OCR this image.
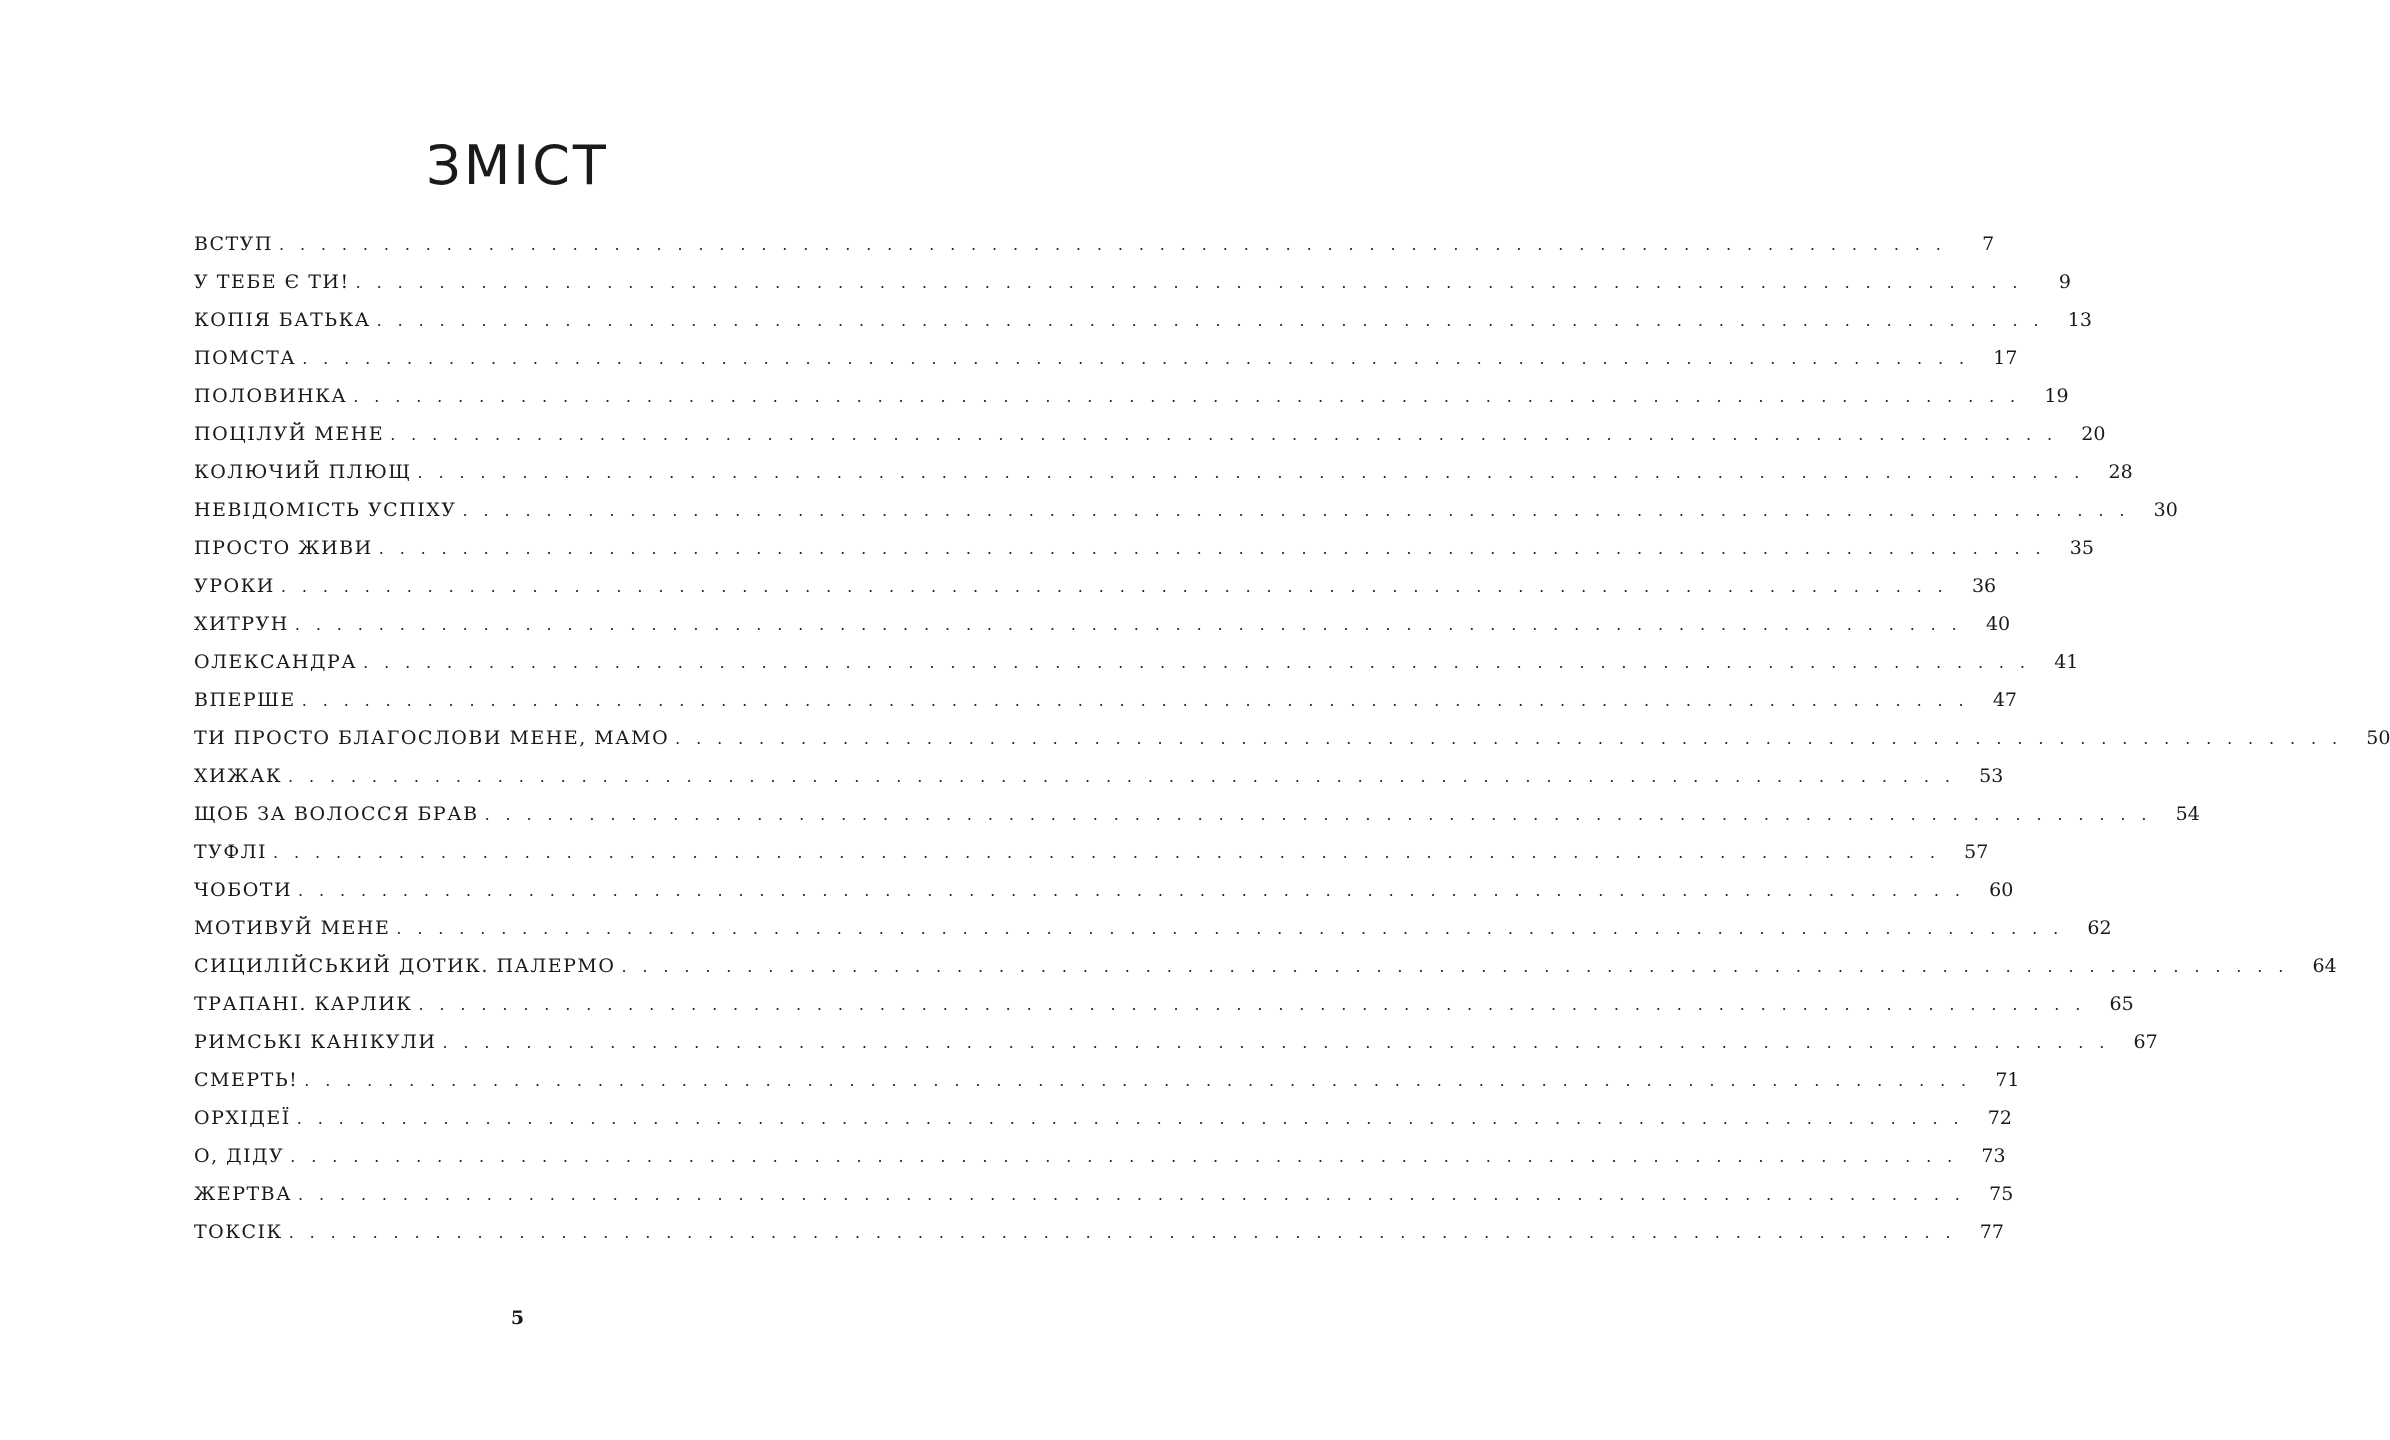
ЗМІСТ
ВСТУП . . . . . . . . . . . . . . . . . . . . . . . . . . . . . . . . . . . . . . . . . . . . . . . . . . . . . . . . . . . . . . . . . . . . . . . . . . . . . . . .	7
У ТЕБЕ Є ТИ! . . . . . . . . . . . . . . . . . . . . . . . . . . . . . . . . . . . . . . . . . . . . . . . . . . . . . . . . . . . . . . . . . . . . . . . . . . . . . . . .	9
КОПІЯ БАТЬКА . . . . . . . . . . . . . . . . . . . . . . . . . . . . . . . . . . . . . . . . . . . . . . . . . . . . . . . . . . . . . . . . . . . . . . . . . . . . . . . .	13
ПОМСТА . . . . . . . . . . . . . . . . . . . . . . . . . . . . . . . . . . . . . . . . . . . . . . . . . . . . . . . . . . . . . . . . . . . . . . . . . . . . . . . .	17
ПОЛОВИНКА . . . . . . . . . . . . . . . . . . . . . . . . . . . . . . . . . . . . . . . . . . . . . . . . . . . . . . . . . . . . . . . . . . . . . . . . . . . . . . . .	19
ПОЦІЛУЙ МЕНЕ . . . . . . . . . . . . . . . . . . . . . . . . . . . . . . . . . . . . . . . . . . . . . . . . . . . . . . . . . . . . . . . . . . . . . . . . . . . . . . . .	20
КОЛЮЧИЙ ПЛЮЩ . . . . . . . . . . . . . . . . . . . . . . . . . . . . . . . . . . . . . . . . . . . . . . . . . . . . . . . . . . . . . . . . . . . . . . . . . . . . . . . .	28
НЕВІДОМІСТЬ УСПІХУ . . . . . . . . . . . . . . . . . . . . . . . . . . . . . . . . . . . . . . . . . . . . . . . . . . . . . . . . . . . . . . . . . . . . . . . . . . . . . . . .	30
ПРОСТО ЖИВИ . . . . . . . . . . . . . . . . . . . . . . . . . . . . . . . . . . . . . . . . . . . . . . . . . . . . . . . . . . . . . . . . . . . . . . . . . . . . . . . .	35
УРОКИ . . . . . . . . . . . . . . . . . . . . . . . . . . . . . . . . . . . . . . . . . . . . . . . . . . . . . . . . . . . . . . . . . . . . . . . . . . . . . . . .	36
ХИТРУН . . . . . . . . . . . . . . . . . . . . . . . . . . . . . . . . . . . . . . . . . . . . . . . . . . . . . . . . . . . . . . . . . . . . . . . . . . . . . . . .	40
ОЛЕКСАНДРА . . . . . . . . . . . . . . . . . . . . . . . . . . . . . . . . . . . . . . . . . . . . . . . . . . . . . . . . . . . . . . . . . . . . . . . . . . . . . . . .	41
ВПЕРШЕ . . . . . . . . . . . . . . . . . . . . . . . . . . . . . . . . . . . . . . . . . . . . . . . . . . . . . . . . . . . . . . . . . . . . . . . . . . . . . . . .	47
ТИ ПРОСТО БЛАГОСЛОВИ МЕНЕ, МАМО . . . . . . . . . . . . . . . . . . . . . . . . . . . . . . . . . . . . . . . . . . . . . . . . . . . . . . . . . . . . . . . . . . . . . . . . . . . . . . . .	50
ХИЖАК . . . . . . . . . . . . . . . . . . . . . . . . . . . . . . . . . . . . . . . . . . . . . . . . . . . . . . . . . . . . . . . . . . . . . . . . . . . . . . . .	53
ЩОБ ЗА ВОЛОССЯ БРАВ . . . . . . . . . . . . . . . . . . . . . . . . . . . . . . . . . . . . . . . . . . . . . . . . . . . . . . . . . . . . . . . . . . . . . . . . . . . . . . . .	54
ТУФЛІ . . . . . . . . . . . . . . . . . . . . . . . . . . . . . . . . . . . . . . . . . . . . . . . . . . . . . . . . . . . . . . . . . . . . . . . . . . . . . . . .	57
ЧОБОТИ . . . . . . . . . . . . . . . . . . . . . . . . . . . . . . . . . . . . . . . . . . . . . . . . . . . . . . . . . . . . . . . . . . . . . . . . . . . . . . . .	60
МОТИВУЙ МЕНЕ . . . . . . . . . . . . . . . . . . . . . . . . . . . . . . . . . . . . . . . . . . . . . . . . . . . . . . . . . . . . . . . . . . . . . . . . . . . . . . . .	62
СИЦИЛІЙСЬКИЙ ДОТИК. ПАЛЕРМО . . . . . . . . . . . . . . . . . . . . . . . . . . . . . . . . . . . . . . . . . . . . . . . . . . . . . . . . . . . . . . . . . . . . . . . . . . . . . . . .	64
ТРАПАНІ. КАРЛИК . . . . . . . . . . . . . . . . . . . . . . . . . . . . . . . . . . . . . . . . . . . . . . . . . . . . . . . . . . . . . . . . . . . . . . . . . . . . . . . .	65
РИМСЬКІ КАНІКУЛИ . . . . . . . . . . . . . . . . . . . . . . . . . . . . . . . . . . . . . . . . . . . . . . . . . . . . . . . . . . . . . . . . . . . . . . . . . . . . . . . .	67
СМЕРТЬ! . . . . . . . . . . . . . . . . . . . . . . . . . . . . . . . . . . . . . . . . . . . . . . . . . . . . . . . . . . . . . . . . . . . . . . . . . . . . . . . .	71
ОРХІДЕЇ . . . . . . . . . . . . . . . . . . . . . . . . . . . . . . . . . . . . . . . . . . . . . . . . . . . . . . . . . . . . . . . . . . . . . . . . . . . . . . . .	72
О, ДІДУ . . . . . . . . . . . . . . . . . . . . . . . . . . . . . . . . . . . . . . . . . . . . . . . . . . . . . . . . . . . . . . . . . . . . . . . . . . . . . . . .	73
ЖЕРТВА . . . . . . . . . . . . . . . . . . . . . . . . . . . . . . . . . . . . . . . . . . . . . . . . . . . . . . . . . . . . . . . . . . . . . . . . . . . . . . . .	75
ТОКСІК . . . . . . . . . . . . . . . . . . . . . . . . . . . . . . . . . . . . . . . . . . . . . . . . . . . . . . . . . . . . . . . . . . . . . . . . . . . . . . . .	77
5
